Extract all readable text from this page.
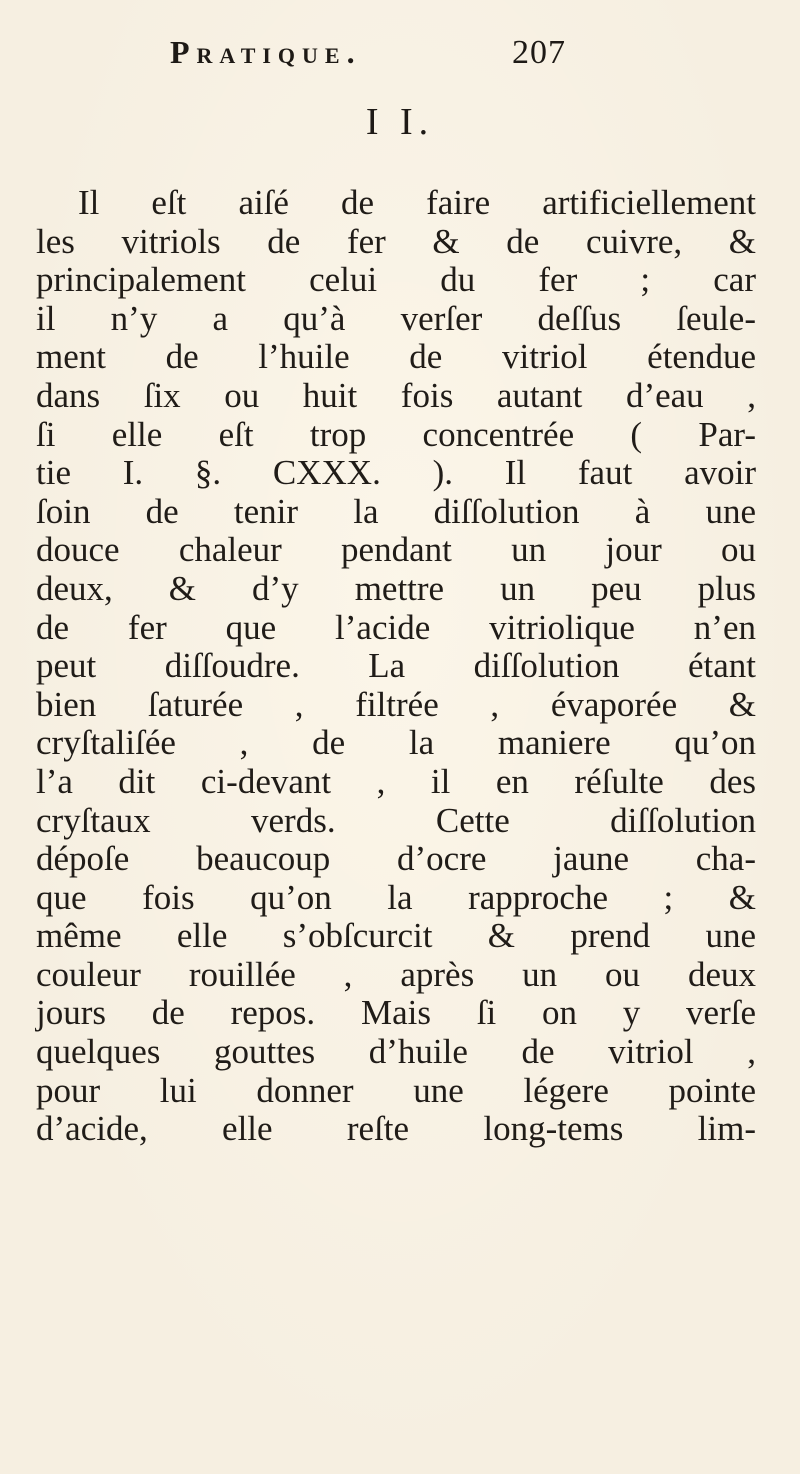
Pratique.	207
I I.
Il eſt aiſé de faire artificiellement
les vitriols de fer & de cuivre, &
principalement celui du fer ; car
il n’y a qu’à verſer deſſus ſeule-
ment de l’huile de vitriol étendue
dans ſix ou huit fois autant d’eau ,
ſi elle eſt trop concentrée ( Par-
tie I. §. CXXX. ). Il faut avoir
ſoin de tenir la diſſolution à une
douce chaleur pendant un jour ou
deux, & d’y mettre un peu plus
de fer que l’acide vitriolique n’en
peut diſſoudre. La diſſolution étant
bien ſaturée , filtrée , évaporée &
cryſtaliſée , de la maniere qu’on
l’a dit ci-devant , il en réſulte des
cryſtaux verds. Cette diſſolution
dépoſe beaucoup d’ocre jaune cha-
que fois qu’on la rapproche ; &
même elle s’obſcurcit & prend une
couleur rouillée , après un ou deux
jours de repos. Mais ſi on y verſe
quelques gouttes d’huile de vitriol ,
pour lui donner une légere pointe
d’acide, elle reſte long-tems lim-
